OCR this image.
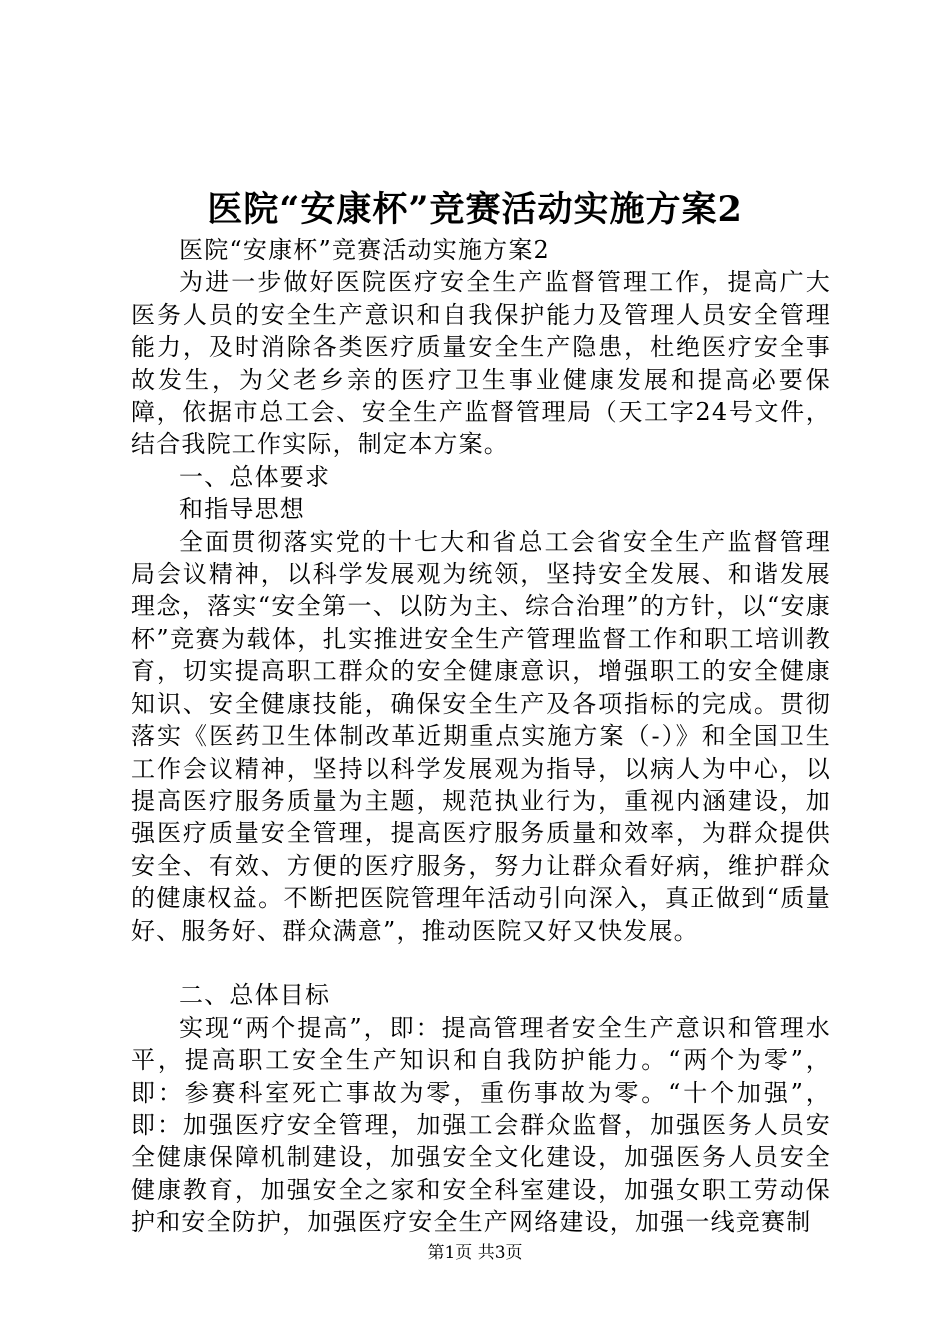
医院“安康杯”竞赛活动实施方案2

医院“安康杯”竞赛活动实施方案2

为进一步做好医院医疗安全生产监督管理工作，提高广大医务人员的安全生产意识和自我保护能力及管理人员安全管理能力，及时消除各类医疗质量安全生产隐患，杜绝医疗安全事故发生，为父老乡亲的医疗卫生事业健康发展和提高必要保障，依据市总工会、安全生产监督管理局（天工字24号文件，结合我院工作实际，制定本方案。

一、总体要求

和指导思想

全面贯彻落实党的十七大和省总工会省安全生产监督管理局会议精神，以科学发展观为统领，坚持安全发展、和谐发展理念，落实“安全第一、以防为主、综合治理”的方针，以“安康杯”竞赛为载体，扎实推进安全生产管理监督工作和职工培训教育，切实提高职工群众的安全健康意识，增强职工的安全健康知识、安全健康技能，确保安全生产及各项指标的完成。贯彻落实《医药卫生体制改革近期重点实施方案（-）》和全国卫生工作会议精神，坚持以科学发展观为指导，以病人为中心，以提高医疗服务质量为主题，规范执业行为，重视内涵建设，加强医疗质量安全管理，提高医疗服务质量和效率，为群众提供安全、有效、方便的医疗服务，努力让群众看好病，维护群众的健康权益。不断把医院管理年活动引向深入，真正做到“质量好、服务好、群众满意”，推动医院又好又快发展。

二、总体目标

实现“两个提高”，即：提高管理者安全生产意识和管理水平，提高职工安全生产知识和自我防护能力。“两个为零”，即：参赛科室死亡事故为零，重伤事故为零。“十个加强”，即：加强医疗安全管理，加强工会群众监督，加强医务人员安全健康保障机制建设，加强安全文化建设，加强医务人员安全健康教育，加强安全之家和安全科室建设，加强女职工劳动保护和安全防护，加强医疗安全生产网络建设，加强一线竞赛制

第1页 共3页
